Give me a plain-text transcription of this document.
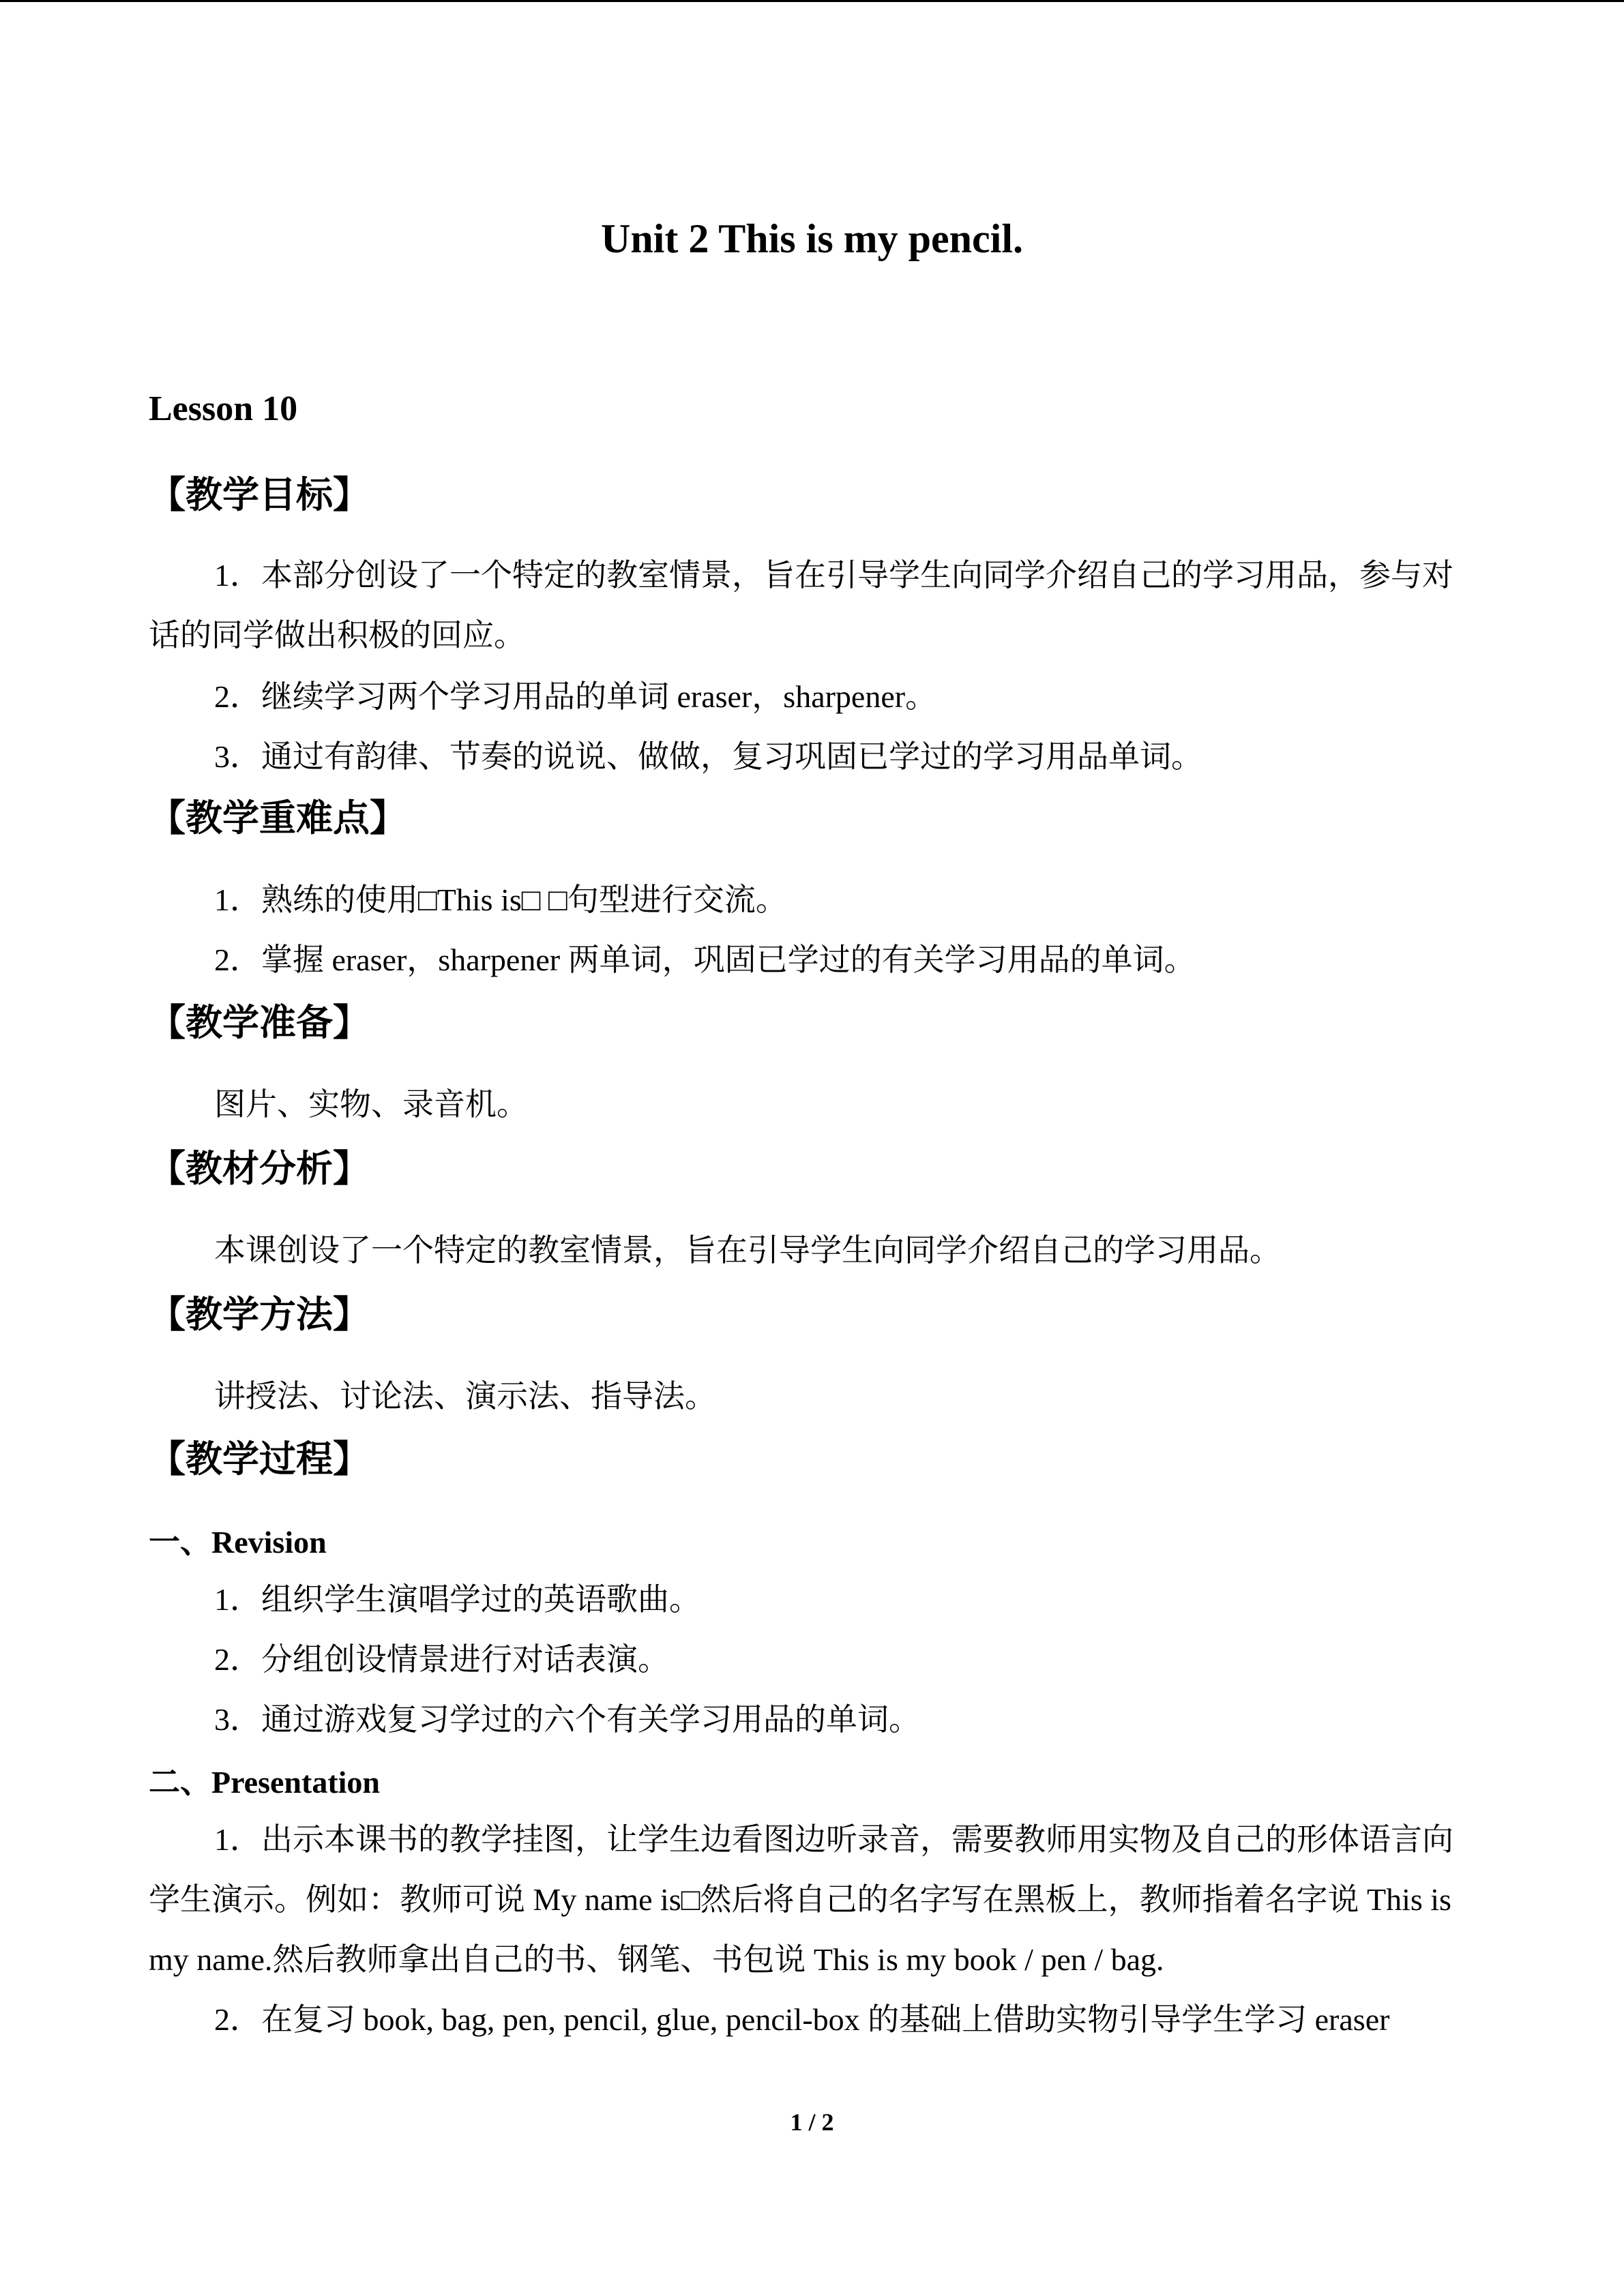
Unit 2 This is my pencil.
Lesson 10
【教学目标】
1．本部分创设了一个特定的教室情景，旨在引导学生向同学介绍自己的学习用品，参与对话的同学做出积极的回应。
2．继续学习两个学习用品的单词 eraser，sharpener。
3．通过有韵律、节奏的说说、做做，复习巩固已学过的学习用品单词。
【教学重难点】
1．熟练的使用□This is□ □句型进行交流。
2．掌握 eraser，sharpener 两单词，巩固已学过的有关学习用品的单词。
【教学准备】
图片、实物、录音机。
【教材分析】
本课创设了一个特定的教室情景，旨在引导学生向同学介绍自己的学习用品。
【教学方法】
讲授法、讨论法、演示法、指导法。
【教学过程】
一、Revision
1．组织学生演唱学过的英语歌曲。
2．分组创设情景进行对话表演。
3．通过游戏复习学过的六个有关学习用品的单词。
二、Presentation
1．出示本课书的教学挂图，让学生边看图边听录音，需要教师用实物及自己的形体语言向学生演示。例如：教师可说 My name is□然后将自己的名字写在黑板上，教师指着名字说 This is my name.然后教师拿出自己的书、钢笔、书包说 This is my book / pen / bag.
2．在复习 book, bag, pen, pencil, glue, pencil-box 的基础上借助实物引导学生学习 eraser
1 / 2
